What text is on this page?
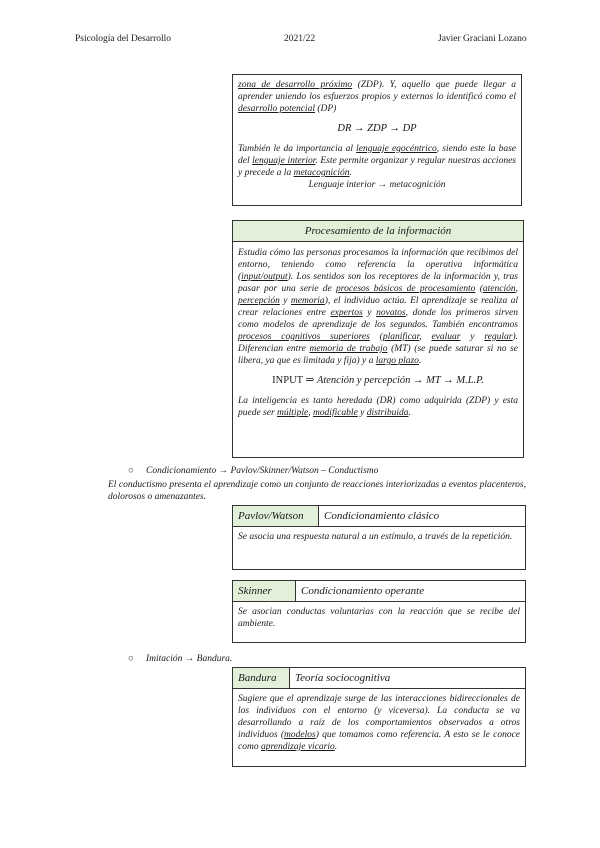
Psicología del Desarrollo	2021/22	Javier Graciani Lozano

zona de desarrollo próximo (ZDP). Y, aquello que puede llegar a aprender uniendo los esfuerzos propios y externos lo identificó como el desarrollo potencial (DP)

DR → ZDP → DP

También le da importancia al lenguaje egocéntrico, siendo este la base del lenguaje interior. Este permite organizar y regular nuestras acciones y precede a la metacognición.

Lenguaje interior → metacognición

Procesamiento de la información

Estudia cómo las personas procesamos la información que recibimos del entorno, teniendo como referencia la operativa informática (input/output). Los sentidos son los receptores de la información y, tras pasar por una serie de procesos básicos de procesamiento (atención, percepción y memoria), el individuo actúa. El aprendizaje se realiza al crear relaciones entre expertos y novatos, donde los primeros sirven como modelos de aprendizaje de los segundos. También encontramos procesos cognitivos superiores (planificar, evaluar y regular). Diferencian entre memoria de trabajo (MT) (se puede saturar si no se libera, ya que es limitada y fija) y a largo plazo.

INPUT ⇒ Atención y percepción → MT → M.L.P.

La inteligencia es tanto heredada (DR) como adquirida (ZDP) y esta puede ser múltiple, modificable y distribuida.

○ Condicionamiento → Pavlov/Skinner/Watson – Conductismo
El conductismo presenta el aprendizaje como un conjunto de reacciones interiorizadas a eventos placenteros, dolorosos o amenazantes.
Pavlov/Watson	Condicionamiento clásico
Se asocia una respuesta natural a un estímulo, a través de la repetición.
Skinner	Condicionamiento operante
Se asocian conductas voluntarias con la reacción que se recibe del ambiente.
○ Imitación → Bandura.
Bandura	Teoría sociocognitiva
Sugiere que el aprendizaje surge de las interacciones bidireccionales de los individuos con el entorno (y viceversa). La conducta se va desarrollando a raíz de los comportamientos observados a otros individuos (modelos) que tomamos como referencia. A esto se le conoce como aprendizaje vicario.
